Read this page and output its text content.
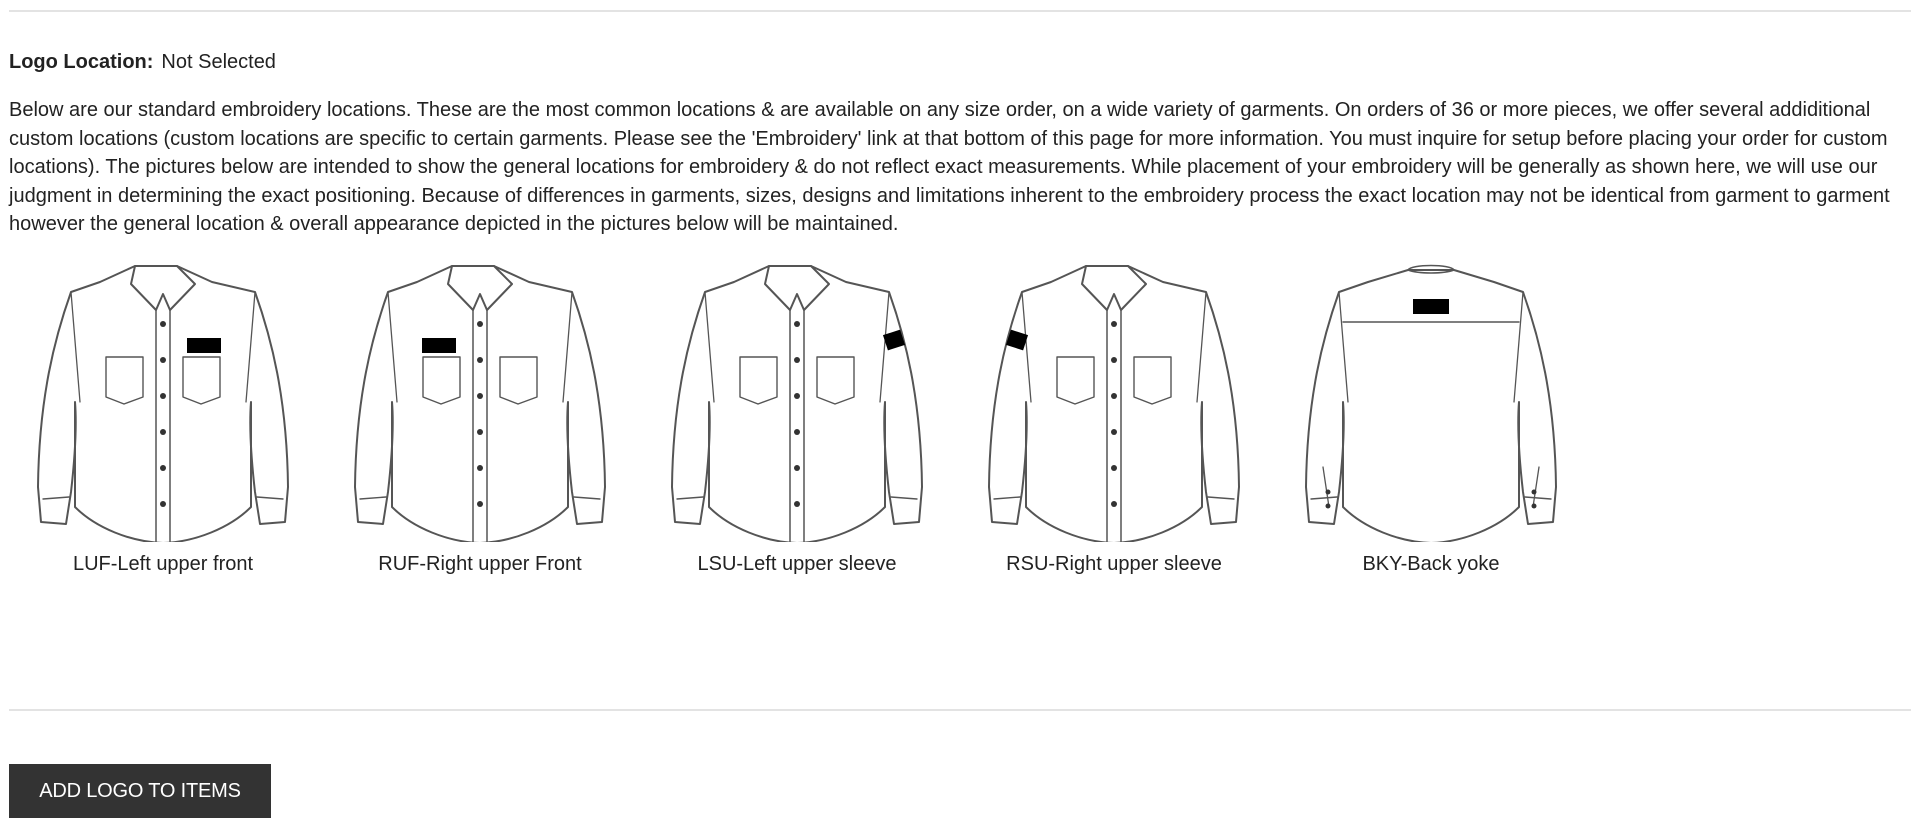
Logo Location: Not Selected
Below are our standard embroidery locations. These are the most common locations & are available on any size order, on a wide variety of garments. On orders of 36 or more pieces, we offer several addiditional custom locations (custom locations are specific to certain garments. Please see the 'Embroidery' link at that bottom of this page for more information. You must inquire for setup before placing your order for custom locations). The pictures below are intended to show the general locations for embroidery & do not reflect exact measurements. While placement of your embroidery will be generally as shown here, we will use our judgment in determining the exact positioning. Because of differences in garments, sizes, designs and limitations inherent to the embroidery process the exact location may not be identical from garment to garment however the general location & overall appearance depicted in the pictures below will be maintained.
LUF-Left upper front	RUF-Right upper Front	LSU-Left upper sleeve	RSU-Right upper sleeve	BKY-Back yoke
ADD LOGO TO ITEMS
